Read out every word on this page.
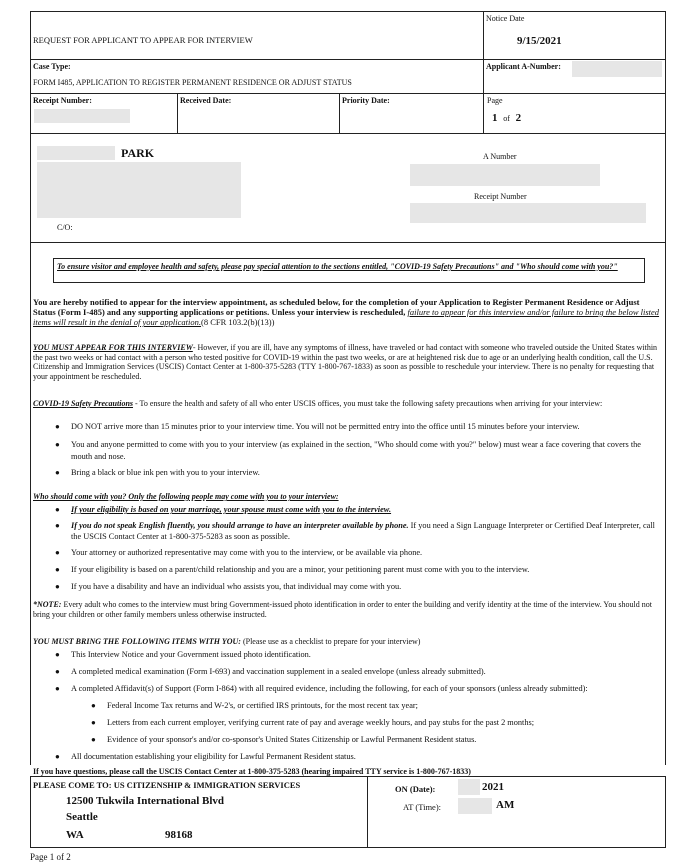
REQUEST FOR APPLICANT TO APPEAR FOR INTERVIEW
Notice Date
9/15/2021
Case Type:
FORM I485, APPLICATION TO REGISTER PERMANENT RESIDENCE OR ADJUST STATUS
Applicant A-Number:
Receipt Number:	Received Date:	Priority Date:	Page
1 of 2
PARK
C/O:
A Number
Receipt Number
To ensure visitor and employee health and safety, please pay special attention to the sections entitled, "COVID-19 Safety Precautions" and "Who should come with you?"

You are hereby notified to appear for the interview appointment, as scheduled below, for the completion of your Application to Register Permanent Residence or Adjust Status (Form I-485) and any supporting applications or petitions. Unless your interview is rescheduled, failure to appear for this interview and/or failure to bring the below listed items will result in the denial of your application.(8 CFR 103.2(b)(13))

YOU MUST APPEAR FOR THIS INTERVIEW- However, if you are ill, have any symptoms of illness, have traveled or had contact with someone who traveled outside the United States within the past two weeks or had contact with a person who tested positive for COVID-19 within the past two weeks, or are at heightened risk due to age or an underlying health condition, call the U.S. Citizenship and Immigration Services (USCIS) Contact Center at 1-800-375-5283 (TTY 1-800-767-1833) as soon as possible to reschedule your interview. There is no penalty for requesting that your appointment be rescheduled.

COVID-19 Safety Precautions - To ensure the health and safety of all who enter USCIS offices, you must take the following safety precautions when arriving for your interview:

● DO NOT arrive more than 15 minutes prior to your interview time. You will not be permitted entry into the office until 15 minutes before your interview.
● You and anyone permitted to come with you to your interview (as explained in the section, "Who should come with you?" below) must wear a face covering that covers the mouth and nose.
● Bring a black or blue ink pen with you to your interview.
Who should come with you? Only the following people may come with you to your interview:
● If your eligibility is based on your marriage, your spouse must come with you to the interview.
● If you do not speak English fluently, you should arrange to have an interpreter available by phone. If you need a Sign Language Interpreter or Certified Deaf Interpreter, call the USCIS Contact Center at 1-800-375-5283 as soon as possible.
● Your attorney or authorized representative may come with you to the interview, or be available via phone.
● If your eligibility is based on a parent/child relationship and you are a minor, your petitioning parent must come with you to the interview.
● If you have a disability and have an individual who assists you, that individual may come with you.

*NOTE: Every adult who comes to the interview must bring Government-issued photo identification in order to enter the building and verify identity at the time of the interview. You should not bring your children or other family members unless otherwise instructed.

YOU MUST BRING THE FOLLOWING ITEMS WITH YOU: (Please use as a checklist to prepare for your interview)

● This Interview Notice and your Government issued photo identification.
● A completed medical examination (Form I-693) and vaccination supplement in a sealed envelope (unless already submitted).
● A completed Affidavit(s) of Support (Form I-864) with all required evidence, including the following, for each of your sponsors (unless already submitted):
● Federal Income Tax returns and W-2's, or certified IRS printouts, for the most recent tax year;
● Letters from each current employer, verifying current rate of pay and average weekly hours, and pay stubs for the past 2 months;
● Evidence of your sponsor's and/or co-sponsor's United States Citizenship or Lawful Permanent Resident status.
● All documentation establishing your eligibility for Lawful Permanent Resident status.
If you have questions, please call the USCIS Contact Center at 1-800-375-5283 (hearing impaired TTY service is 1-800-767-1833)
PLEASE COME TO: US CITIZENSHIP & IMMIGRATION SERVICES
12500 Tukwila International Blvd
Seattle
WA	98168
ON (Date):	2021
AT (Time):	AM
Page 1 of 2
